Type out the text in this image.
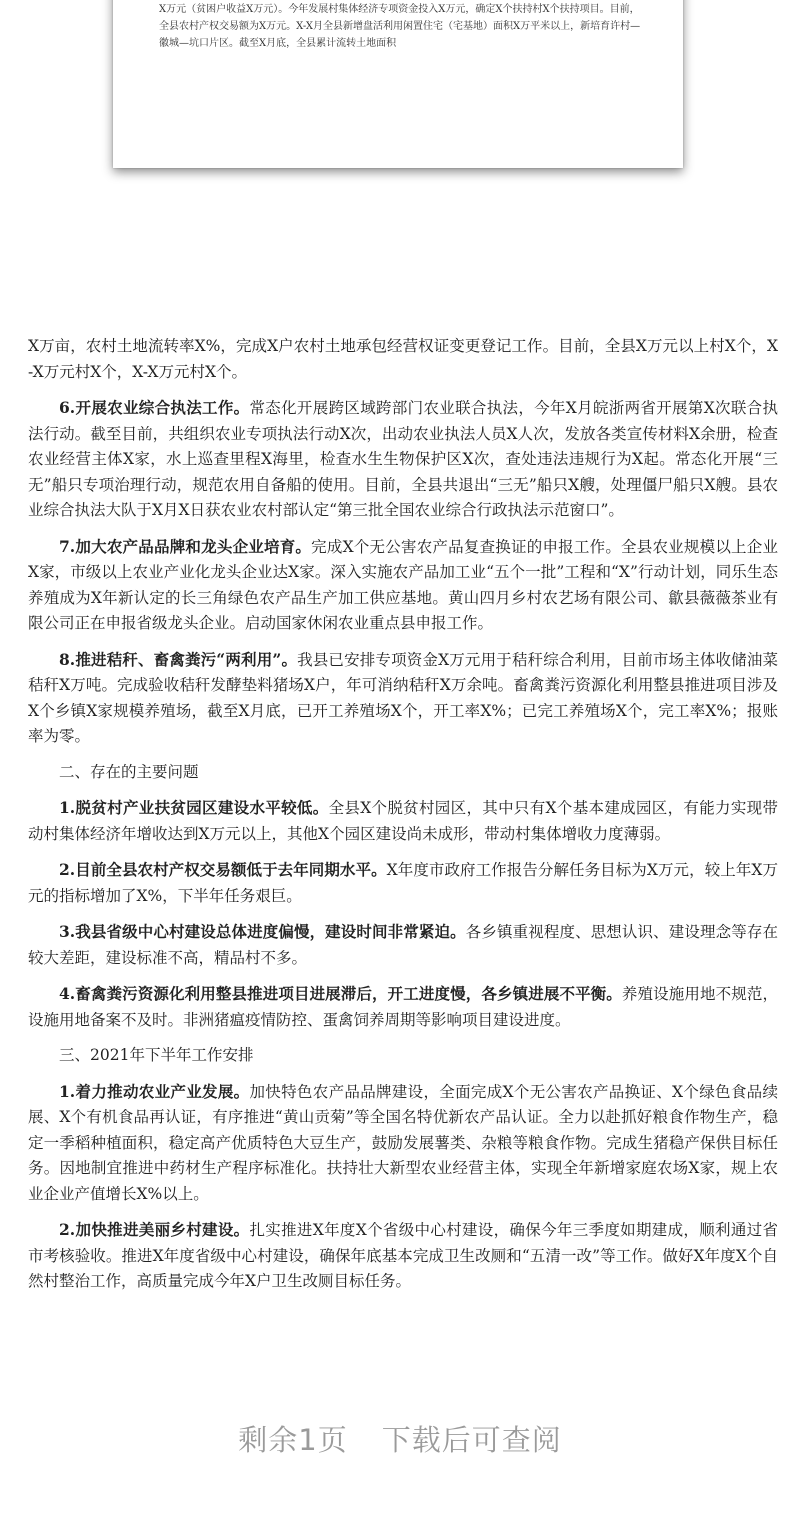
X万元（贫困户收益X万元）。今年发展村集体经济专项资金投入X万元，确定X个扶持村X个扶持项目。目前，全县农村产权交易额为X万元。X-X月全县新增盘活利用闲置住宅（宅基地）面积X万平米以上，新培育许村—徽城—坑口片区。截至X月底，全县累计流转土地面积

X万亩，农村土地流转率X%，完成X户农村土地承包经营权证变更登记工作。目前，全县X万元以上村X个，X-X万元村X个，X-X万元村X个。

6.开展农业综合执法工作。常态化开展跨区域跨部门农业联合执法，今年X月皖浙两省开展第X次联合执法行动。截至目前，共组织农业专项执法行动X次，出动农业执法人员X人次，发放各类宣传材料X余册，检查农业经营主体X家，水上巡查里程X海里，检查水生生物保护区X次，查处违法违规行为X起。常态化开展“三无”船只专项治理行动，规范农用自备船的使用。目前，全县共退出“三无”船只X艘，处理僵尸船只X艘。县农业综合执法大队于X月X日获农业农村部认定“第三批全国农业综合行政执法示范窗口”。

7.加大农产品品牌和龙头企业培育。完成X个无公害农产品复查换证的申报工作。全县农业规模以上企业X家，市级以上农业产业化龙头企业达X家。深入实施农产品加工业“五个一批”工程和“X”行动计划，同乐生态养殖成为X年新认定的长三角绿色农产品生产加工供应基地。黄山四月乡村农艺场有限公司、歙县薇薇茶业有限公司正在申报省级龙头企业。启动国家休闲农业重点县申报工作。

8.推进秸秆、畜禽粪污“两利用”。我县已安排专项资金X万元用于秸秆综合利用，目前市场主体收储油菜秸秆X万吨。完成验收秸秆发酵垫料猪场X户，年可消纳秸秆X万余吨。畜禽粪污资源化利用整县推进项目涉及X个乡镇X家规模养殖场，截至X月底，已开工养殖场X个，开工率X%；已完工养殖场X个，完工率X%；报账率为零。

二、存在的主要问题

1.脱贫村产业扶贫园区建设水平较低。全县X个脱贫村园区，其中只有X个基本建成园区，有能力实现带动村集体经济年增收达到X万元以上，其他X个园区建设尚未成形，带动村集体增收力度薄弱。

2.目前全县农村产权交易额低于去年同期水平。X年度市政府工作报告分解任务目标为X万元，较上年X万元的指标增加了X%，下半年任务艰巨。

3.我县省级中心村建设总体进度偏慢，建设时间非常紧迫。各乡镇重视程度、思想认识、建设理念等存在较大差距，建设标准不高，精品村不多。

4.畜禽粪污资源化利用整县推进项目进展滞后，开工进度慢，各乡镇进展不平衡。养殖设施用地不规范，设施用地备案不及时。非洲猪瘟疫情防控、蛋禽饲养周期等影响项目建设进度。

三、2021年下半年工作安排

1.着力推动农业产业发展。加快特色农产品品牌建设，全面完成X个无公害农产品换证、X个绿色食品续展、X个有机食品再认证，有序推进“黄山贡菊”等全国名特优新农产品认证。全力以赴抓好粮食作物生产，稳定一季稻种植面积，稳定高产优质特色大豆生产，鼓励发展薯类、杂粮等粮食作物。完成生猪稳产保供目标任务。因地制宜推进中药材生产程序标准化。扶持壮大新型农业经营主体，实现全年新增家庭农场X家，规上农业企业产值增长X%以上。

2.加快推进美丽乡村建设。扎实推进X年度X个省级中心村建设，确保今年三季度如期建成，顺利通过省市考核验收。推进X年度省级中心村建设，确保年底基本完成卫生改厕和“五清一改”等工作。做好X年度X个自然村整治工作，高质量完成今年X户卫生改厕目标任务。

剩余1页 下载后可查阅
